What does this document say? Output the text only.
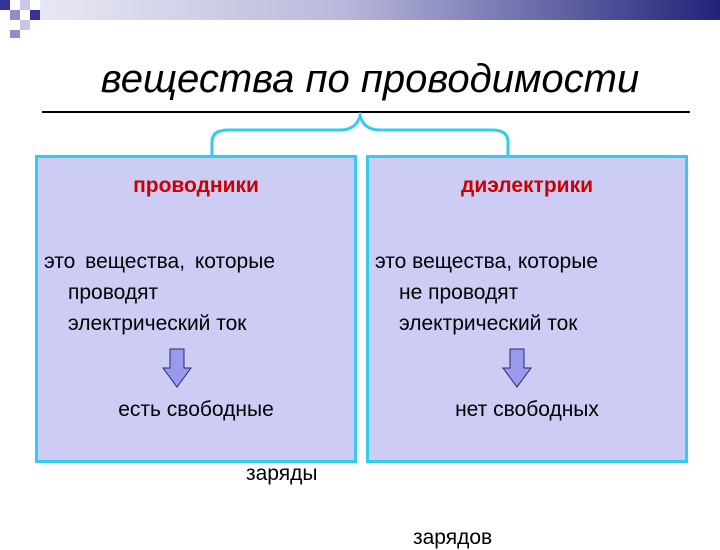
вещества по проводимости
проводники
это вещества, которые
проводят
электрический ток
есть свободные
диэлектрики
это вещества, которые
не проводят
электрический ток
нет свободных
заряды
зарядов
